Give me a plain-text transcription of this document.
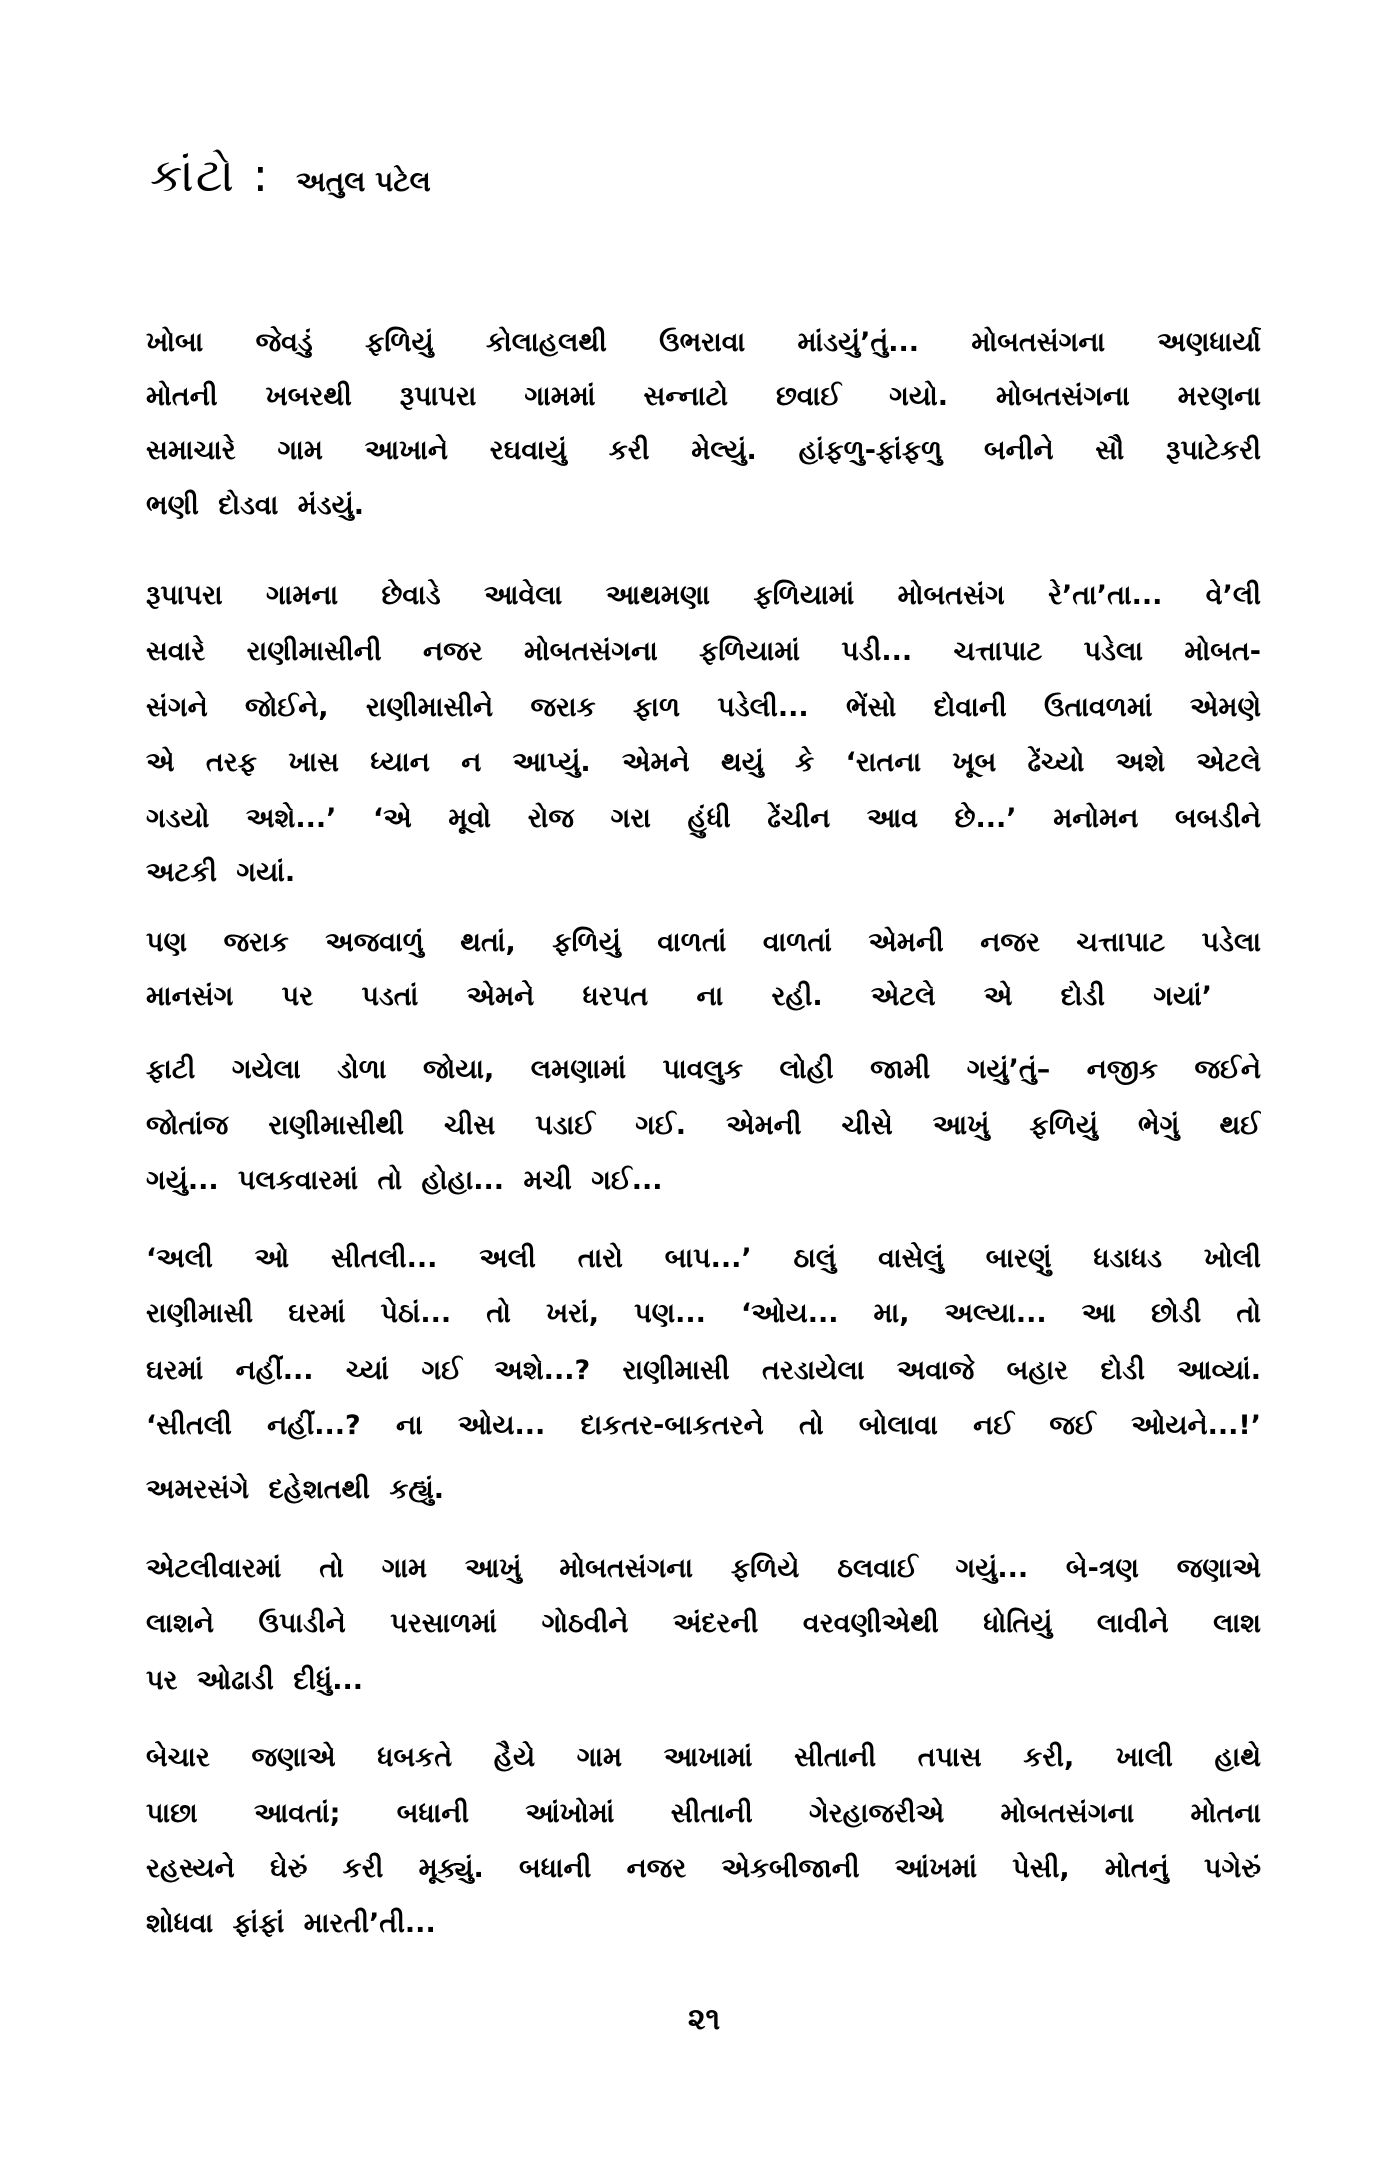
કાંટો : અતુલ પટેલ
ખોબા જેવડું ફળિયું કોલાહલથી ઉભરાવા માંડયું’તું... મોબતસંગના અણધાર્યા
મોતની ખબરથી રૂપાપરા ગામમાં સન્નાટો છવાઈ ગયો. મોબતસંગના મરણના
સમાચારે ગામ આખાને રઘવાયું કરી મેલ્યું. હાંફળુ-ફાંફળુ બનીને સૌ રૂપાટેકરી
ભણી દોડવા મંડયું.
રૂપાપરા ગામના છેવાડે આવેલા આથમણા ફળિયામાં મોબતસંગ રે’તા’તા... વે’લી
સવારે રાણીમાસીની નજર મોબતસંગના ફળિયામાં પડી... ચત્તાપાટ પડેલા મોબત-
સંગને જોઈને, રાણીમાસીને જરાક ફાળ પડેલી... ભેંસો દોવાની ઉતાવળમાં એમણે
એ તરફ ખાસ ધ્યાન ન આપ્યું. એમને થયું કે ‘રાતના ખૂબ ઢેંચ્યો અશે એટલે
ગડયો અશે...’ ‘એ મૂવો રોજ ગરા હુંધી ઢેંચીન આવ છે...’ મનોમન બબડીને
અટકી ગયાં.
પણ જરાક અજવાળું થતાં, ફળિયું વાળતાં વાળતાં એમની નજર ચત્તાપાટ પડેલા
માનસંગ પર પડતાં એમને ધરપત ના રહી. એટલે એ દોડી ગયાં’
ફાટી ગયેલા ડોળા જોયા, લમણામાં પાવલુક લોહી જામી ગયું’તું– નજીક જઈને
જોતાંજ રાણીમાસીથી ચીસ પડાઈ ગઈ. એમની ચીસે આખું ફળિયું ભેગું થઈ
ગયું... પલકવારમાં તો હોહા... મચી ગઈ...
‘અલી ઓ સીતલી... અલી તારો બાપ...’ ઠાલું વાસેલું બારણું ધડાધડ ખોલી
રાણીમાસી ઘરમાં પેઠાં... તો ખરાં, પણ... ‘ઓય... મા, અલ્યા... આ છોડી તો
ઘરમાં નહીં... ચ્યાં ગઈ અશે...? રાણીમાસી તરડાયેલા અવાજે બહાર દોડી આવ્યાં.
‘સીતલી નહીં...? ના ઓય... દાકતર-બાકતરને તો બોલાવા નઈ જઈ ઓયને...!’
અમરસંગે દહેશતથી કહ્યું.
એટલીવારમાં તો ગામ આખું મોબતસંગના ફળિયે ઠલવાઈ ગયું... બે-ત્રણ જણાએ
લાશને ઉપાડીને પરસાળમાં ગોઠવીને અંદરની વરવણીએથી ધોતિયું લાવીને લાશ
પર ઓઢાડી દીધું...
બેચાર જણાએ ધબકતે હૈયે ગામ આખામાં સીતાની તપાસ કરી, ખાલી હાથે
પાછા આવતાં; બધાની આંખોમાં સીતાની ગેરહાજરીએ મોબતસંગના મોતના
રહસ્યને ઘેરું કરી મૂક્યું. બધાની નજર એકબીજાની આંખમાં પેસી, મોતનું પગેરું
શોધવા ફાંફાં મારતી’તી...
૨૧
